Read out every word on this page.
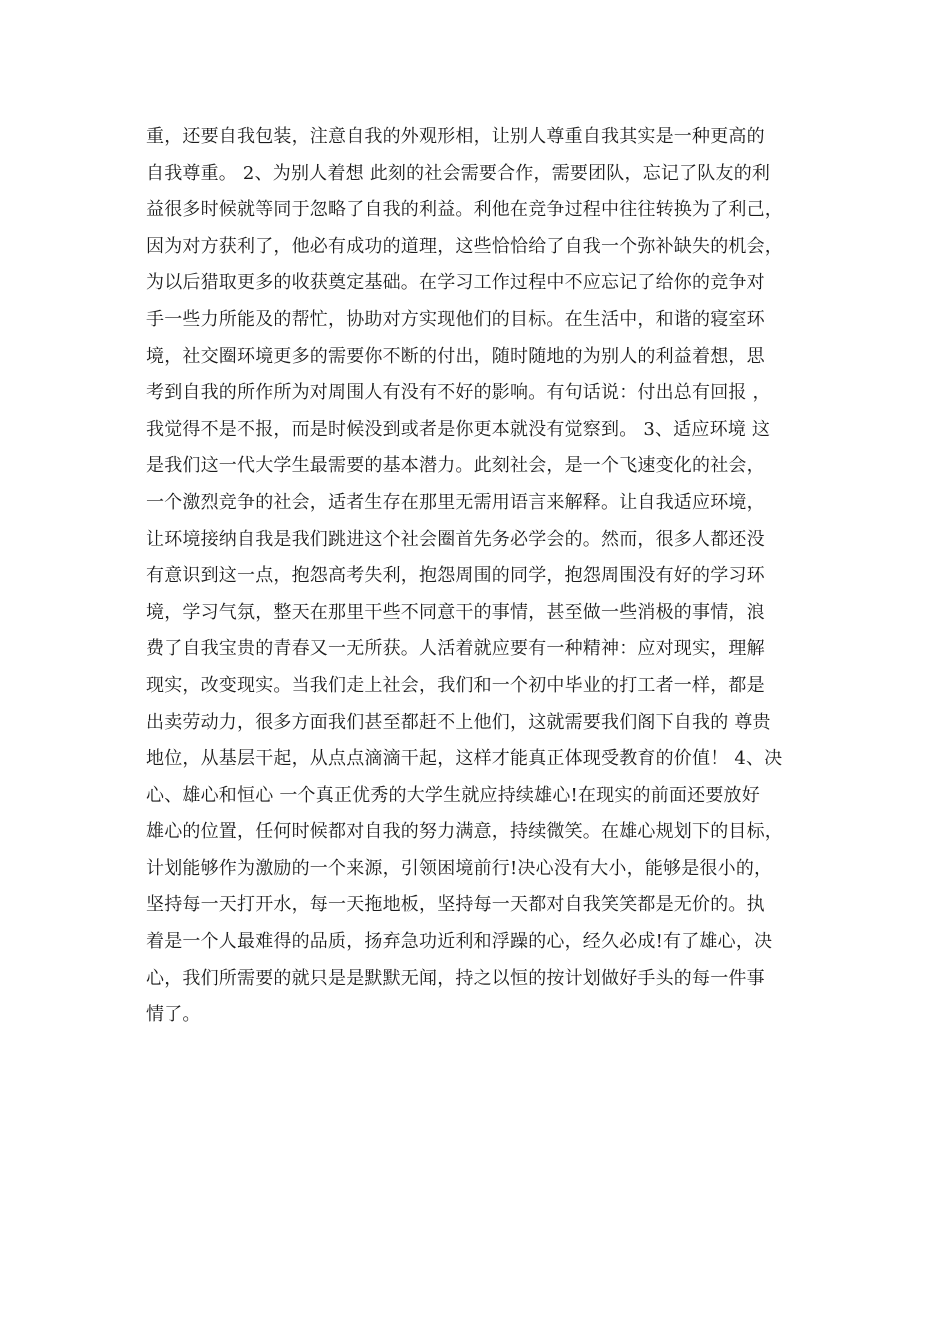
重，还要自我包装，注意自我的外观形相，让别人尊重自我其实是一种更高的
自我尊重。 2、为别人着想 此刻的社会需要合作，需要团队，忘记了队友的利
益很多时候就等同于忽略了自我的利益。利他在竞争过程中往往转换为了利己，
因为对方获利了，他必有成功的道理，这些恰恰给了自我一个弥补缺失的机会，
为以后猎取更多的收获奠定基础。在学习工作过程中不应忘记了给你的竞争对
手一些力所能及的帮忙，协助对方实现他们的目标。在生活中，和谐的寝室环
境，社交圈环境更多的需要你不断的付出，随时随地的为别人的利益着想，思
考到自我的所作所为对周围人有没有不好的影响。有句话说：付出总有回报 ，
我觉得不是不报，而是时候没到或者是你更本就没有觉察到。 3、适应环境 这
是我们这一代大学生最需要的基本潜力。此刻社会，是一个飞速变化的社会，
一个激烈竞争的社会，适者生存在那里无需用语言来解释。让自我适应环境，
让环境接纳自我是我们跳进这个社会圈首先务必学会的。然而，很多人都还没
有意识到这一点，抱怨高考失利，抱怨周围的同学，抱怨周围没有好的学习环
境，学习气氛，整天在那里干些不同意干的事情，甚至做一些消极的事情，浪
费了自我宝贵的青春又一无所获。人活着就应要有一种精神：应对现实，理解
现实，改变现实。当我们走上社会，我们和一个初中毕业的打工者一样，都是
出卖劳动力，很多方面我们甚至都赶不上他们，这就需要我们阁下自我的 尊贵
地位，从基层干起，从点点滴滴干起，这样才能真正体现受教育的价值！ 4、决
心、雄心和恒心 一个真正优秀的大学生就应持续雄心!在现实的前面还要放好
雄心的位置，任何时候都对自我的努力满意，持续微笑。在雄心规划下的目标，
计划能够作为激励的一个来源，引领困境前行!决心没有大小，能够是很小的，
坚持每一天打开水，每一天拖地板，坚持每一天都对自我笑笑都是无价的。执
着是一个人最难得的品质，扬弃急功近利和浮躁的心，经久必成!有了雄心，决
心，我们所需要的就只是是默默无闻，持之以恒的按计划做好手头的每一件事
情了。
